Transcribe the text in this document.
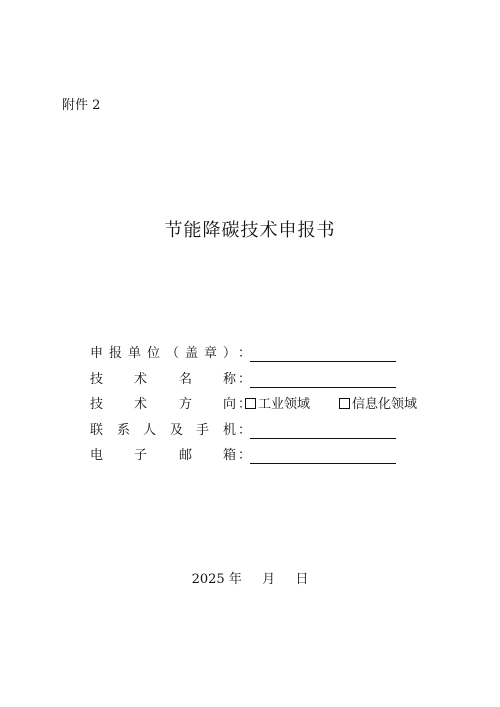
附件 2
节能降碳技术申报书
申 报 单 位 （ 盖 章 ） ：
技 术 名 称 ：
技 术 方 向 ： 工业领域	信息化领域
联 系 人 及 手 机 ：
电 子 邮 箱 ：
2025 年 月 日
